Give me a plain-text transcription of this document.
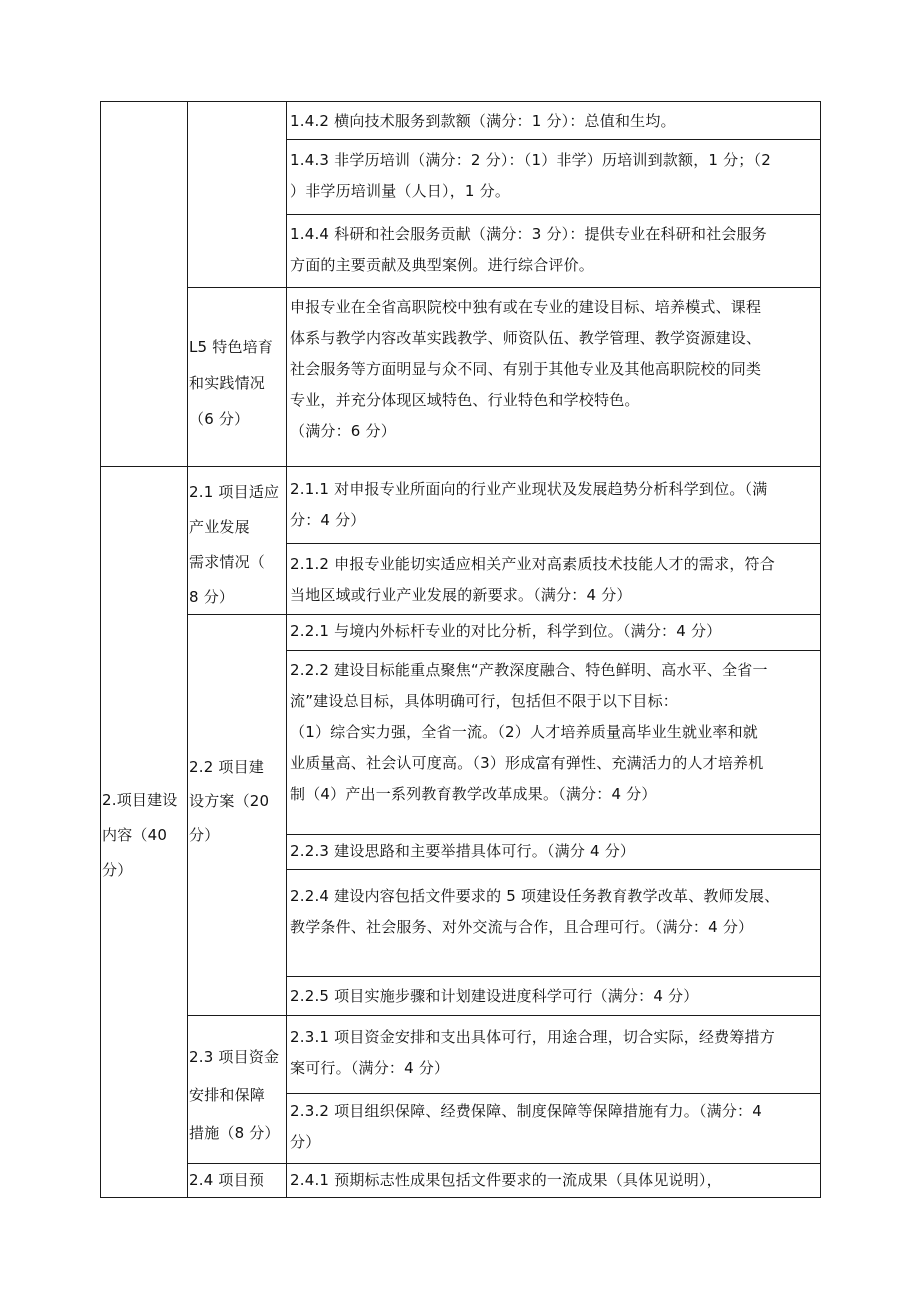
1.4.2 横向技术服务到款额（满分：1 分）：总值和生均。
1.4.3 非学历培训（满分：2 分）：（1）非学）历培训到款额，1 分；（2
）非学历培训量（人日），1 分。
1.4.4 科研和社会服务贡献（满分：3 分）：提供专业在科研和社会服务
方面的主要贡献及典型案例。进行综合评价。
申报专业在全省高职院校中独有或在专业的建设目标、培养模式、课程
体系与教学内容改革实践教学、师资队伍、教学管理、教学资源建设、
社会服务等方面明显与众不同、有别于其他专业及其他高职院校的同类
专业，并充分体现区域特色、行业特色和学校特色。
（满分：6 分）
2.1.1 对申报专业所面向的行业产业现状及发展趋势分析科学到位。（满
分：4 分）
2.1.2 申报专业能切实适应相关产业对高素质技术技能人才的需求，符合
当地区域或行业产业发展的新要求。（满分：4 分）
2.2.1 与境内外标杆专业的对比分析，科学到位。（满分：4 分）
2.2.2 建设目标能重点聚焦“产教深度融合、特色鲜明、高水平、全省一
流”建设总目标，具体明确可行，包括但不限于以下目标：
（1）综合实力强，全省一流。（2）人才培养质量高毕业生就业率和就
业质量高、社会认可度高。（3）形成富有弹性、充满活力的人才培养机
制（4）产出一系列教育教学改革成果。（满分：4 分）
2.2.3 建设思路和主要举措具体可行。（满分 4 分）
2.2.4 建设内容包括文件要求的 5 项建设任务教育教学改革、教师发展、
教学条件、社会服务、对外交流与合作，且合理可行。（满分：4 分）
2.2.5 项目实施步骤和计划建设进度科学可行（满分：4 分）
2.3.1 项目资金安排和支出具体可行，用途合理，切合实际，经费筹措方
案可行。（满分：4 分）
2.3.2 项目组织保障、经费保障、制度保障等保障措施有力。（满分：4
分）
2.4.1 预期标志性成果包括文件要求的一流成果（具体见说明），
L5 特色培育
和实践情况
（6 分）
2.1 项目适应
产业发展
需求情况（
8 分）
2.2 项目建
设方案（20
分）
2.3 项目资金
安排和保障
措施（8 分）
2.4 项目预
2.项目建设
内容（40
分）
